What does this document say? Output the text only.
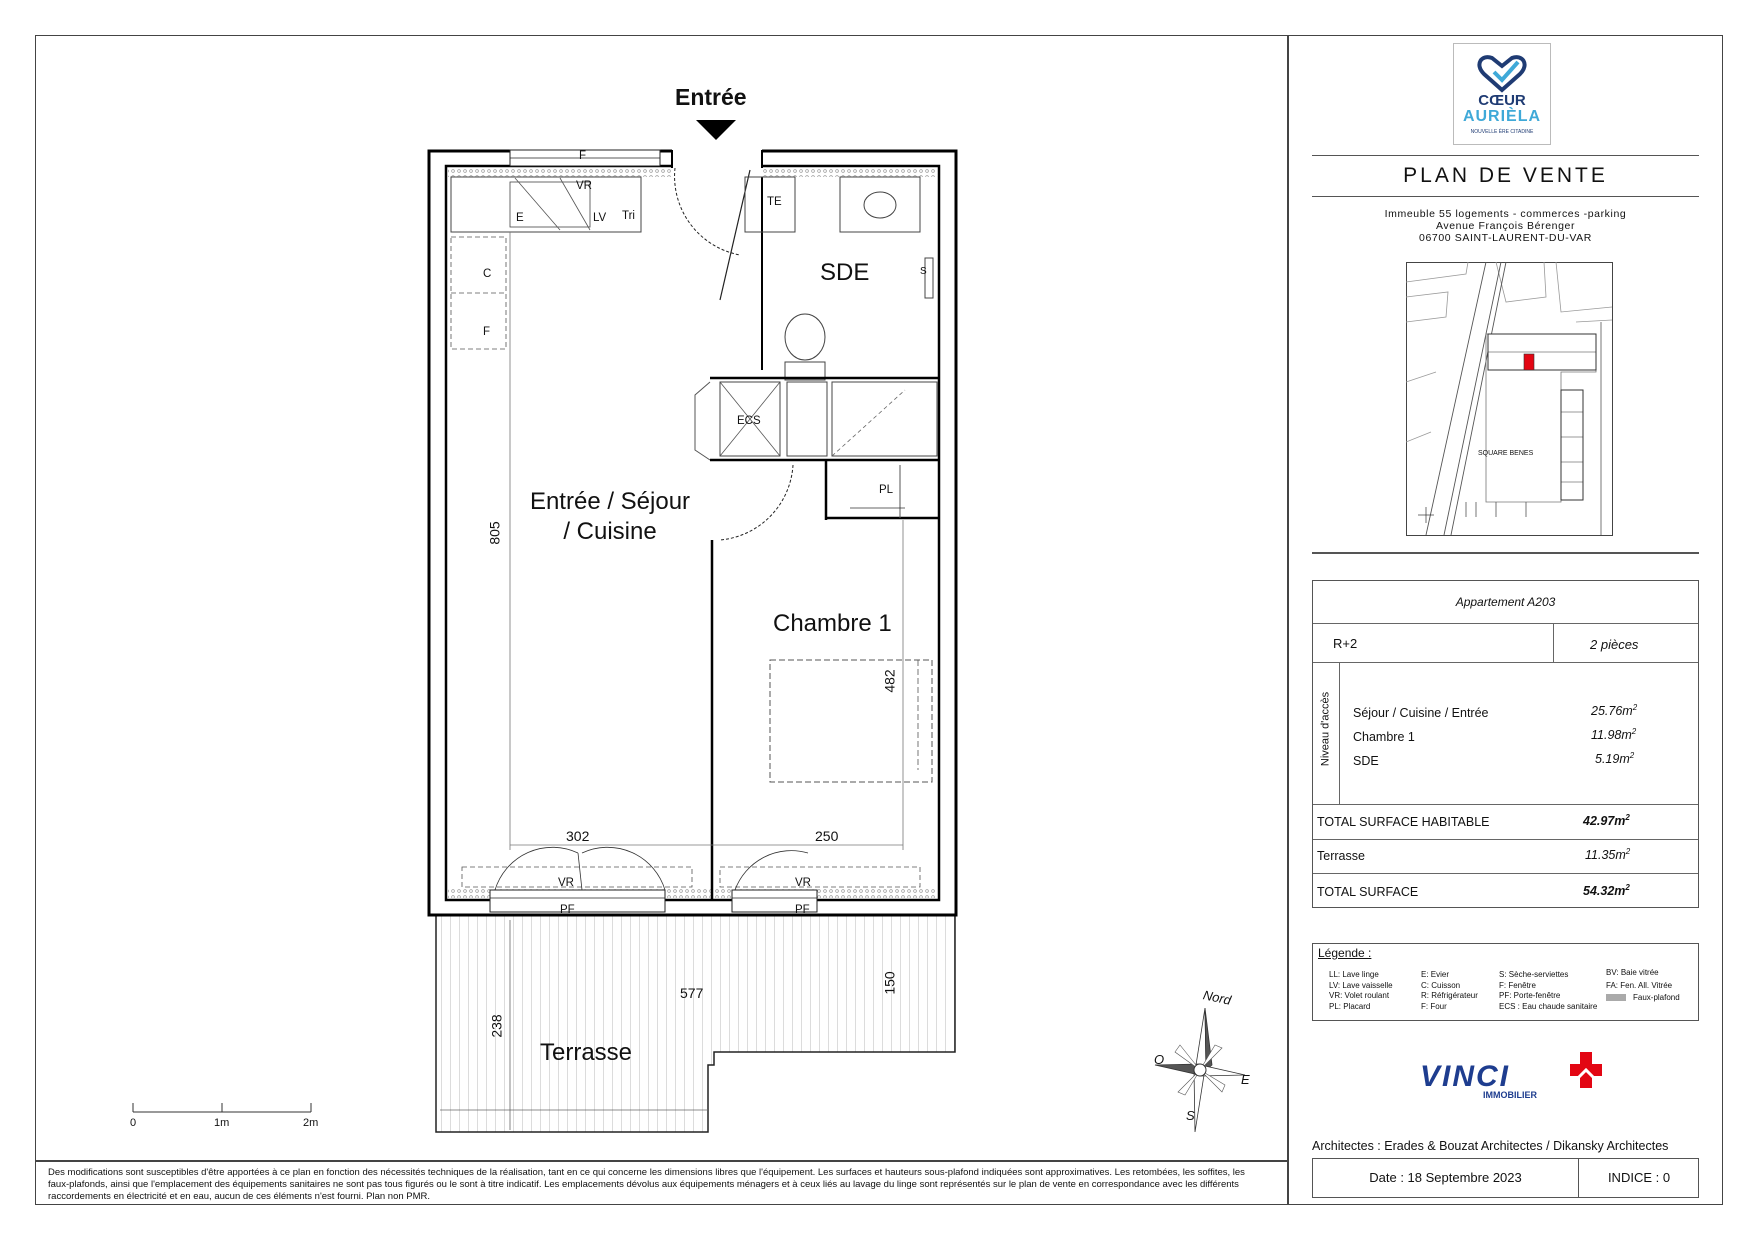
Entrée
Entrée / Séjour
/ Cuisine
SDE
Chambre 1
Terrasse
F
VR
E	LV Tri
C
F
TE
S
ECS
PL
VR	VR
PF	PF
805
482
302	250
577	150
238
Nord
O
E
S
0	1m	2m
Des modifications sont susceptibles d'être apportées à ce plan en fonction des nécessités techniques de la réalisation, tant en ce qui concerne les dimensions libres que l'équipement. Les surfaces et hauteurs sous-plafond indiquées sont approximatives. Les retombées, les soffites, les faux-plafonds, ainsi que l'emplacement des équipements sanitaires ne sont pas tous figurés ou le sont à titre indicatif. Les emplacements dévolus aux équipements ménagers et à ceux liés au lavage du linge sont représentés sur le plan de vente en correspondance avec les différents raccordements en électricité et en eau, aucun de ces éléments n'est fourni. Plan non PMR.
CŒUR
AURIÈLA
NOUVELLE ÈRE CITADINE
PLAN DE VENTE
Immeuble 55 logements - commerces -parking
Avenue François Bérenger
06700 SAINT-LAURENT-DU-VAR
SQUARE BENES
Appartement A203
R+2	2 pièces
Niveau d'accès Séjour / Cuisine / Entrée	$25.76m^2$
Chambre 1	$11.98m^2$
SDE	$5.19m^2$
TOTAL SURFACE HABITABLE	$42.97m^2$
Terrasse	$11.35m^2$
TOTAL SURFACE	$54.32m^2$
Légende :
LL: Lave linge
LV: Lave vaisselle
VR: Volet roulant
PL: Placard
E: Evier
C: Cuisson
R: Réfrigérateur
F: Four
S: Sèche-serviettes
F: Fenêtre
PF: Porte-fenêtre
ECS : Eau chaude sanitaire
BV: Baie vitrée
FA: Fen. All. Vitrée
Faux-plafond
VINCI
IMMOBILIER
Architectes : Erades & Bouzat Architectes / Dikansky Architectes
Date : 18 Septembre 2023	INDICE : 0
